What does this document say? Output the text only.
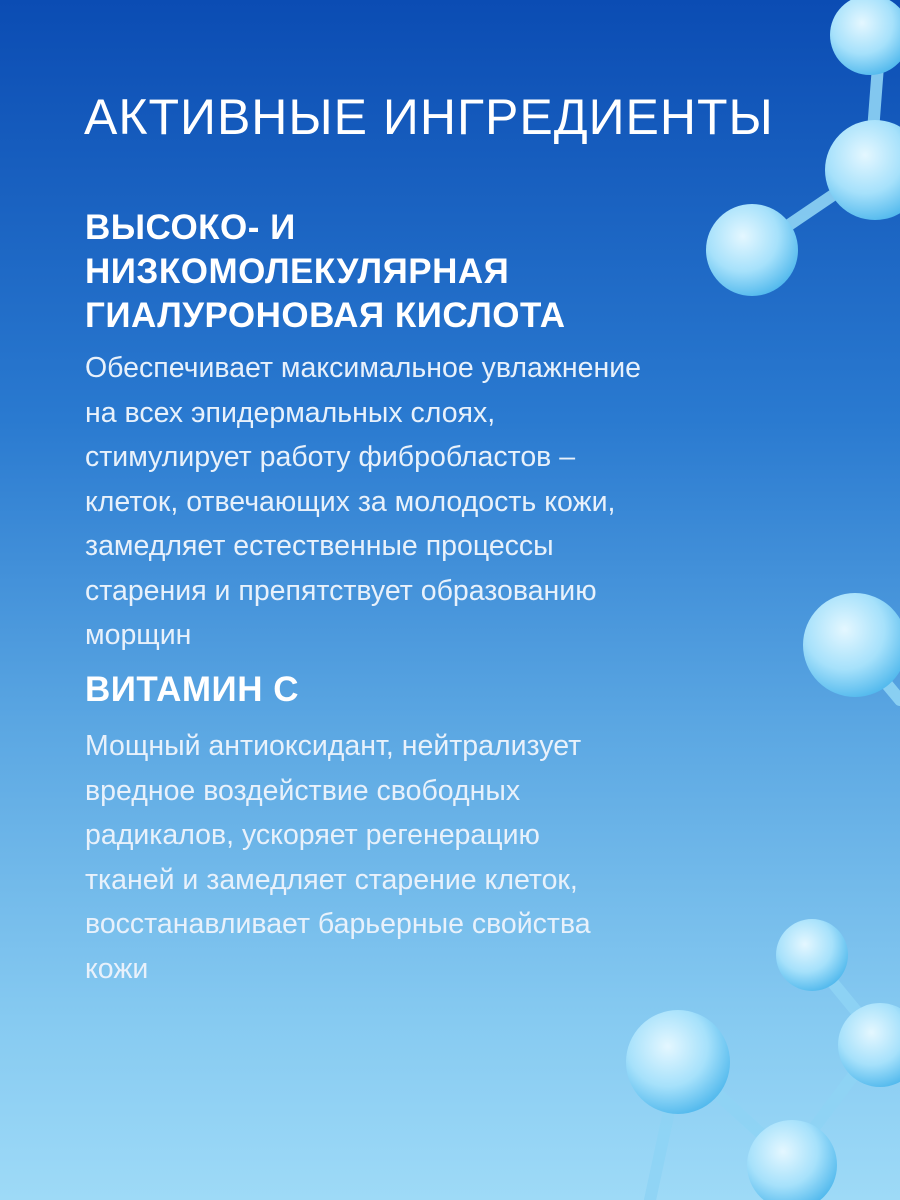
АКТИВНЫЕ ИНГРЕДИЕНТЫ
ВЫСОКО- И
НИЗКОМОЛЕКУЛЯРНАЯ
ГИАЛУРОНОВАЯ КИСЛОТА
Обеспечивает максимальное увлажнение
на всех эпидермальных слоях,
стимулирует работу фибробластов –
клеток, отвечающих за молодость кожи,
замедляет естественные процессы
старения и препятствует образованию
морщин
ВИТАМИН С
Мощный антиоксидант, нейтрализует
вредное воздействие свободных
радикалов, ускоряет регенерацию
тканей и замедляет старение клеток,
восстанавливает барьерные свойства
кожи
